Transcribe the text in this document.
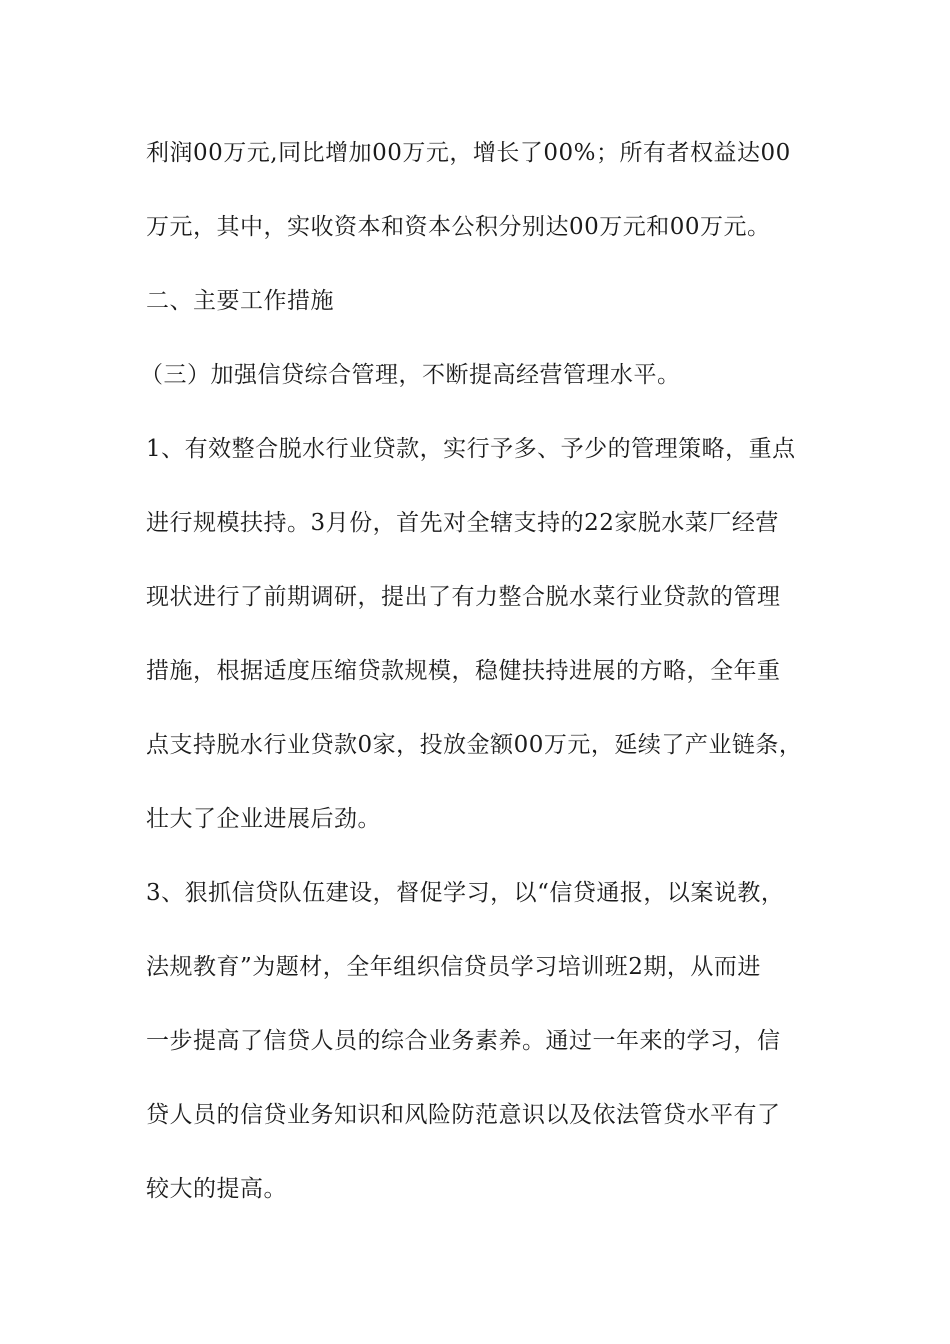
利润00万元,同比增加00万元，增长了00%；所有者权益达00
万元，其中，实收资本和资本公积分别达00万元和00万元。
二、主要工作措施
（三）加强信贷综合管理，不断提高经营管理水平。
1、有效整合脱水行业贷款，实行予多、予少的管理策略，重点
进行规模扶持。3月份，首先对全辖支持的22家脱水菜厂经营
现状进行了前期调研，提出了有力整合脱水菜行业贷款的管理
措施，根据适度压缩贷款规模，稳健扶持进展的方略，全年重
点支持脱水行业贷款0家，投放金额00万元，延续了产业链条，
壮大了企业进展后劲。
3、狠抓信贷队伍建设，督促学习，以“信贷通报，以案说教，
法规教育”为题材，全年组织信贷员学习培训班2期，从而进
一步提高了信贷人员的综合业务素养。通过一年来的学习，信
贷人员的信贷业务知识和风险防范意识以及依法管贷水平有了
较大的提高。
